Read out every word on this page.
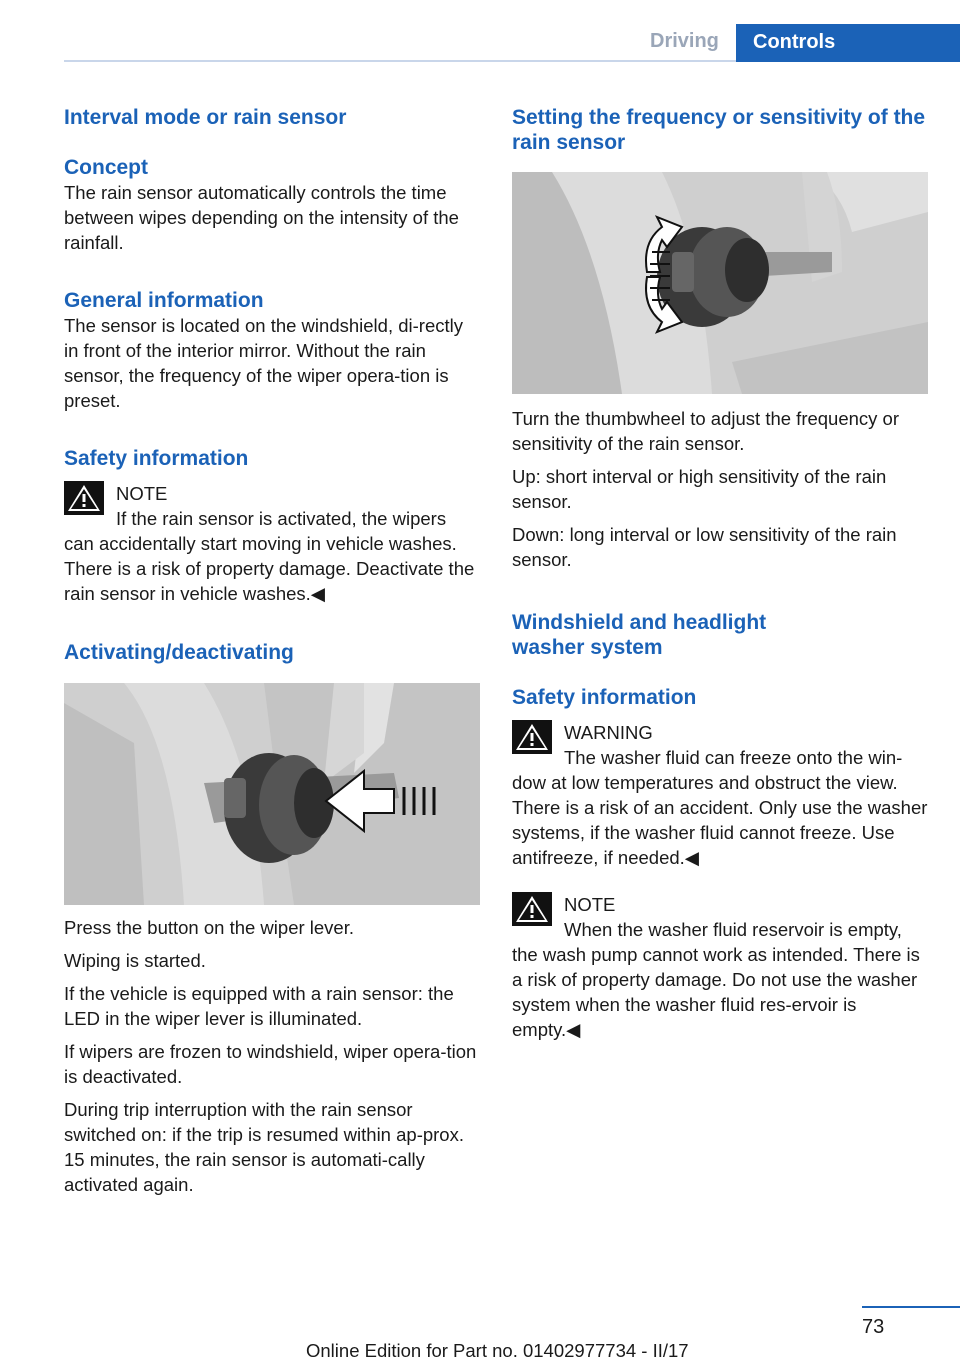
Driving Controls
Interval mode or rain sensor
Concept

The rain sensor automatically controls the time between wipes depending on the intensity of the rainfall.

General information

The sensor is located on the windshield, di-rectly in front of the interior mirror. Without the rain sensor, the frequency of the wiper opera-tion is preset.

Safety information

NOTE

If the rain sensor is activated, the wipers can accidentally start moving in vehicle washes. There is a risk of property damage. Deactivate the rain sensor in vehicle washes.◀

Activating/deactivating

Press the button on the wiper lever.

Wiping is started.

If the vehicle is equipped with a rain sensor: the LED in the wiper lever is illuminated.

If wipers are frozen to windshield, wiper opera-tion is deactivated.

During trip interruption with the rain sensor switched on: if the trip is resumed within ap-prox. 15 minutes, the rain sensor is automati-cally activated again.

Setting the frequency or sensitivity of the rain sensor

Turn the thumbwheel to adjust the frequency or sensitivity of the rain sensor.

Up: short interval or high sensitivity of the rain sensor.

Down: long interval or low sensitivity of the rain sensor.

Windshield and headlight washer system
Safety information

WARNING

The washer fluid can freeze onto the win-dow at low temperatures and obstruct the view. There is a risk of an accident. Only use the washer systems, if the washer fluid cannot freeze. Use antifreeze, if needed.◀

NOTE

When the washer fluid reservoir is empty, the wash pump cannot work as intended. There is a risk of property damage. Do not use the washer system when the washer fluid res-ervoir is empty.◀

73
Online Edition for Part no. 01402977734 - II/17
